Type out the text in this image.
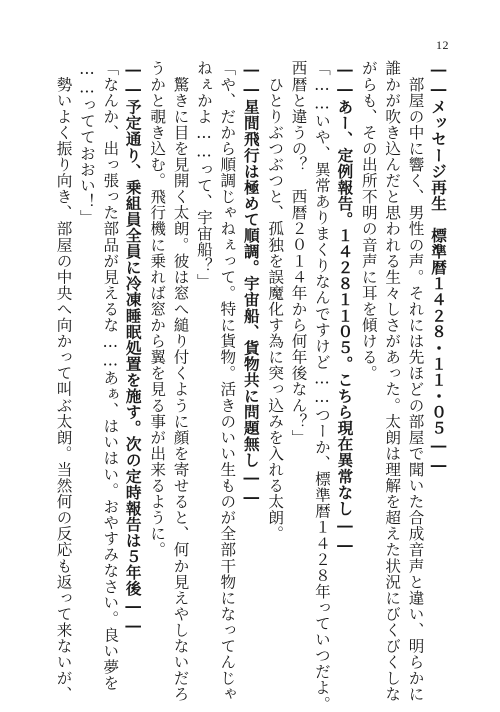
12
――メッセージ再生　標準暦１４２８・１１・０５――
　部屋の中に響く、男性の声。それには先ほどの部屋で聞いた合成音声と違い、明らかに
誰かが吹き込んだと思われる生々しさがあった。太朗は理解を超えた状況にびくびくしな
がらも、その出所不明の音声に耳を傾ける。
――あー、定例報告。１４２８１１０５。こちら現在異常なし――
「……いや、異常ありまくりなんですけど……つーか、標準暦１４２８年っていつだよ。
西暦と違うの？　西暦２０１４年から何年後なん？」
　ひとりぶつぶつと、孤独を誤魔化す為に突っ込みを入れる太朗。
――星間飛行は極めて順調。宇宙船、貨物共に問題無し――
「や、だから順調じゃねぇって。特に貨物。活きのいい生ものが全部干物になってんじゃ
ねぇかよ……って、宇宙船？」
　驚きに目を見開く太朗。彼は窓へ縋り付くように顔を寄せると、何か見えやしないだろ
うかと覗き込む。飛行機に乗れば窓から翼を見る事が出来るように。
――予定通り、乗組員全員に冷凍睡眠処置を施す。次の定時報告は５年後――
「なんか、出っ張った部品が見えるな……あぁ、はいはい。おやすみなさい。良い夢を
……ってておおい！」
　勢いよく振り向き、部屋の中央へ向かって叫ぶ太朗。当然何の反応も返って来ないが、
